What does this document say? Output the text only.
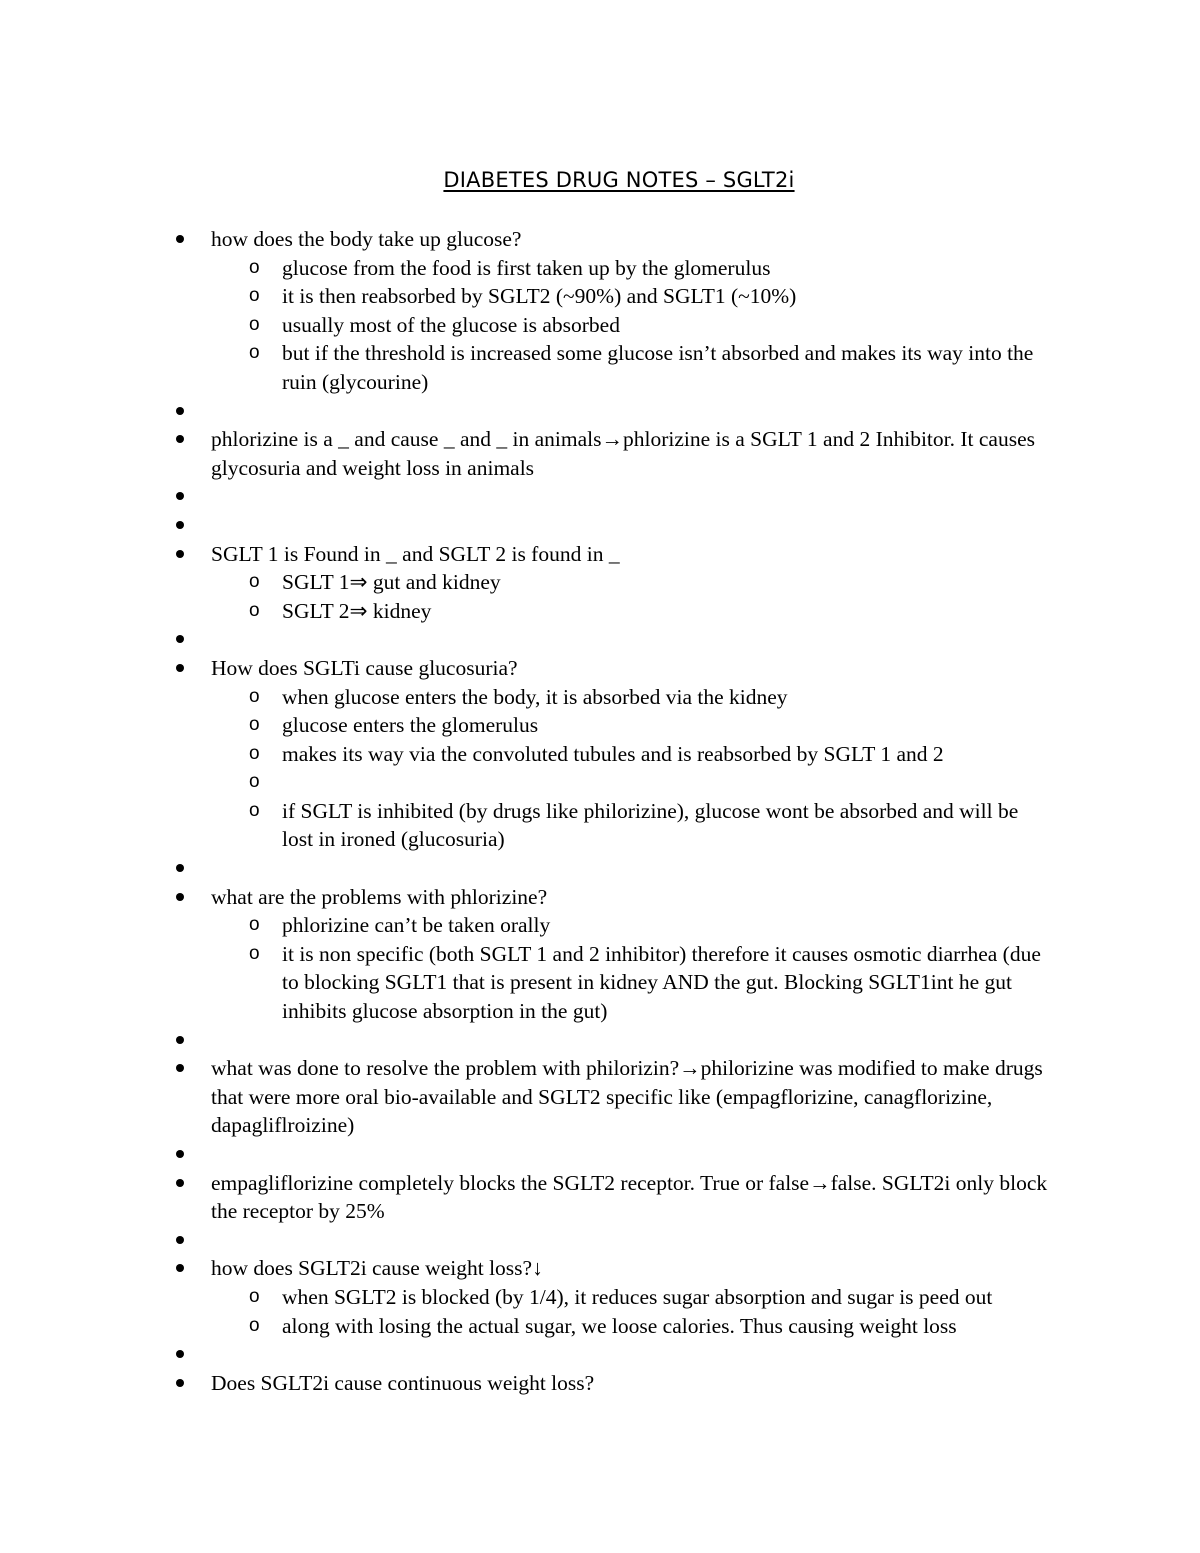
DIABETES DRUG NOTES – SGLT2i
how does the body take up glucose?
o glucose from the food is first taken up by the glomerulus
o it is then reabsorbed by SGLT2 (~90%) and SGLT1 (~10%)
o usually most of the glucose is absorbed
o but if the threshold is increased some glucose isn’t absorbed and makes its way into the ruin (glycourine)
phlorizine is a _ and cause _ and _ in animals→phlorizine is a SGLT 1 and 2 Inhibitor. It causes glycosuria and weight loss in animals
SGLT 1 is Found in _ and SGLT 2 is found in _
o SGLT 1⇒ gut and kidney
o SGLT 2⇒ kidney
How does SGLTi cause glucosuria?
o when glucose enters the body, it is absorbed via the kidney
o glucose enters the glomerulus
o makes its way via the convoluted tubules and is reabsorbed by SGLT 1 and 2
o
o if SGLT is inhibited (by drugs like philorizine), glucose wont be absorbed and will be lost in ironed (glucosuria)
what are the problems with phlorizine?
o phlorizine can’t be taken orally
o it is non specific (both SGLT 1 and 2 inhibitor) therefore it causes osmotic diarrhea (due to blocking SGLT1 that is present in kidney AND the gut. Blocking SGLT1int he gut inhibits glucose absorption in the gut)
what was done to resolve the problem with philorizin?→philorizine was modified to make drugs that were more oral bio-available and SGLT2 specific like (empagflorizine, canagflorizine, dapagliflroizine)
empagliflorizine completely blocks the SGLT2 receptor. True or false→false. SGLT2i only block the receptor by 25%
how does SGLT2i cause weight loss?↓
o when SGLT2 is blocked (by 1/4), it reduces sugar absorption and sugar is peed out
o along with losing the actual sugar, we loose calories. Thus causing weight loss
Does SGLT2i cause continuous weight loss?
